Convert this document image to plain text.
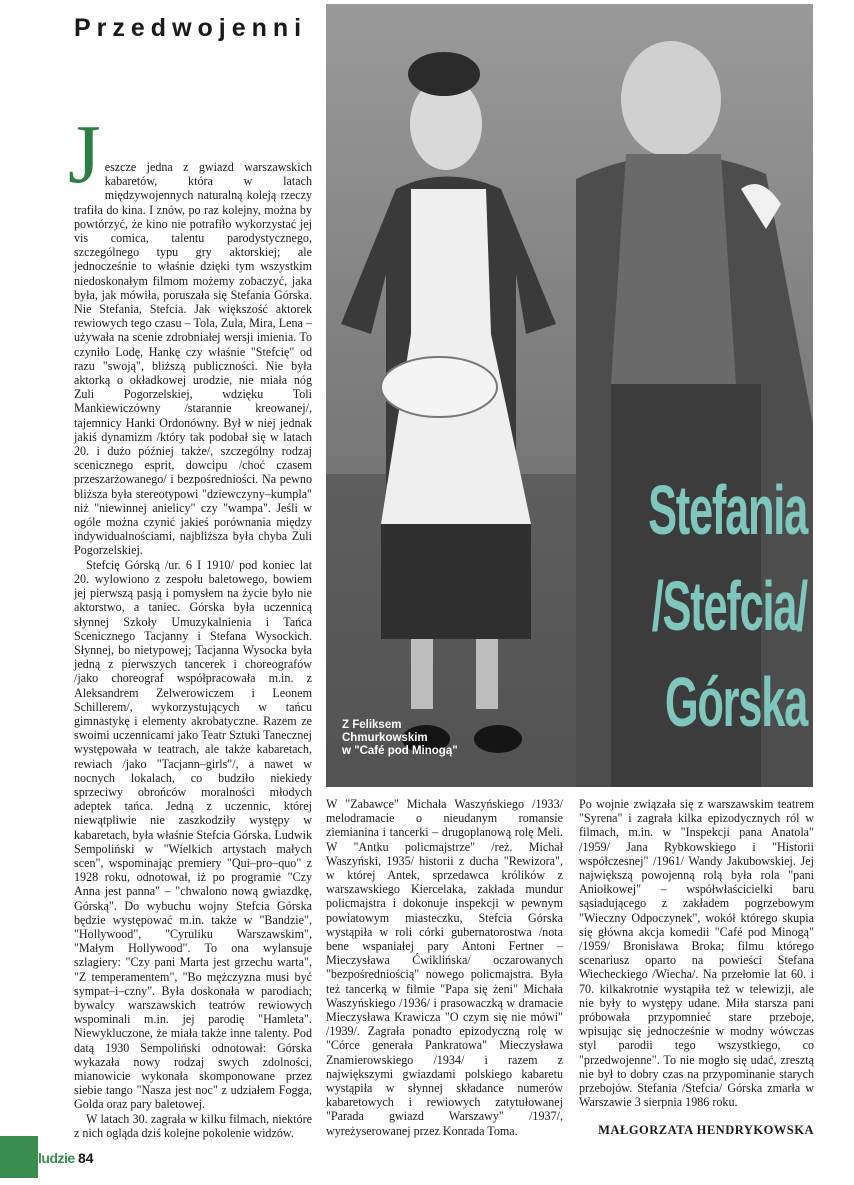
Przedwojenni
J eszcze jedna z gwiazd warszawskich kabaretów, która w latach międzywojennych naturalną koleją rzeczy trafiła do kina. I znów, po raz kolejny, można by powtórzyć, że kino nie potrafiło wykorzystać jej vis comica, talentu parodystycznego, szczególnego typu gry aktorskiej; ale jednocześnie to właśnie dzięki tym wszystkim niedoskonałym filmom możemy zobaczyć, jaka była, jak mówiła, poruszała się Stefania Górska. Nie Stefania, Stefcia. Jak większość aktorek rewiowych tego czasu – Tola, Zula, Mira, Lena – używała na scenie zdrobniałej wersji imienia. To czyniło Lodę, Hankę czy właśnie "Stefcię" od razu "swoją", bliższą publiczności. Nie była aktorką o okładkowej urodzie, nie miała nóg Zuli Pogorzelskiej, wdzięku Toli Mankiewiczówny /starannie kreowanej/, tajemnicy Hanki Ordonówny. Był w niej jednak jakiś dynamizm /który tak podobał się w latach 20. i dużo później także/, szczególny rodzaj scenicznego esprit, dowcipu /choć czasem przeszarżowanego/ i bezpośredniości. Na pewno bliższa była stereotypowi "dziewczyny–kumpla" niż "niewinnej anielicy" czy "wampa". Jeśli w ogóle można czynić jakieś porównania między indywidualnościami, najbliższa była chyba Zuli Pogorzelskiej.

Stefcię Górską /ur. 6 I 1910/ pod koniec lat 20. wylowiono z zespołu baletowego, bowiem jej pierwszą pasją i pomysłem na życie było nie aktorstwo, a taniec. Górska była uczennicą słynnej Szkoły Umuzykalnienia i Tańca Scenicznego Tacjanny i Stefana Wysockich. Słynnej, bo nietypowej; Tacjanna Wysocka była jedną z pierwszych tancerek i choreografów /jako choreograf współpracowała m.in. z Aleksandrem Zelwerowiczem i Leonem Schillerem/, wykorzystujących w tańcu gimnastykę i elementy akrobatyczne. Razem ze swoimi uczennicami jako Teatr Sztuki Tanecznej występowała w teatrach, ale także kabaretach, rewiach /jako "Tacjann–girls"/, a nawet w nocnych lokalach, co budziło niekiedy sprzeciwy obrońców moralności młodych adeptek tańca. Jedną z uczennic, której niewątpliwie nie zaszkodziły występy w kabaretach, była właśnie Stefcia Górska. Ludwik Sempoliński w "Wielkich artystach małych scen", wspominając premiery "Qui–pro–quo" z 1928 roku, odnotował, iż po programie "Czy Anna jest panna" – "chwalono nową gwiazdkę, Górską". Do wybuchu wojny Stefcia Górska będzie występować m.in. także w "Bandzie", "Hollywood", "Cyruliku Warszawskim", "Małym Hollywood". To ona wylansuje szlagiery: "Czy pani Marta jest grzechu warta", "Z temperamentem", "Bo mężczyzna musi być sympat–i–czny". Była doskonała w parodiach; bywalcy warszawskich teatrów rewiowych wspominali m.in. jej parodię "Hamleta". Niewykluczone, że miała także inne talenty. Pod datą 1930 Sempoliński odnotował: Górska wykazała nowy rodzaj swych zdolności, mianowicie wykonała skomponowane przez siebie tango "Nasza jest noc" z udziałem Fogga, Golda oraz pary baletowej.

W latach 30. zagrała w kilku filmach, niektóre z nich ogląda dziś kolejne pokolenie widzów.

Stefania
/Stefcia/
Górska
Z Feliksem
Chmurkowskim
w "Café pod Minogą"

W "Zabawce" Michała Waszyńskiego /1933/ melodramacie o nieudanym romansie ziemianina i tancerki – drugoplanową rolę Meli. W "Antku policmajstrze" /reż. Michał Waszyński, 1935/ historii z ducha "Rewizora", w której Antek, sprzedawca królików z warszawskiego Kiercelaka, zakłada mundur policmajstra i dokonuje inspekcji w pewnym powiatowym miasteczku, Stefcia Górska wystąpiła w roli córki gubernatorostwa /nota bene wspaniałej pary Antoni Fertner – Mieczysława Ćwiklińska/ oczarowanych "bezpośredniością" nowego policmajstra. Była też tancerką w filmie "Papa się żeni" Michała Waszyńskiego /1936/ i prasowaczką w dramacie Mieczysława Krawicza "O czym się nie mówi" /1939/. Zagrała ponadto epizodyczną rolę w "Córce generała Pankratowa" Mieczysława Znamierowskiego /1934/ i razem z największymi gwiazdami polskiego kabaretu wystąpiła w słynnej składance numerów kabaretowych i rewiowych zatytułowanej "Parada gwiazd Warszawy" /1937/, wyreżyserowanej przez Konrada Toma.

Po wojnie związała się z warszawskim teatrem "Syrena" i zagrała kilka epizodycznych ról w filmach, m.in. w "Inspekcji pana Anatola" /1959/ Jana Rybkowskiego i "Historii współczesnej" /1961/ Wandy Jakubowskiej. Jej największą powojenną rolą była rola "pani Aniołkowej" – współwłaścicielki baru sąsiadującego z zakładem pogrzebowym "Wieczny Odpoczynek", wokół którego skupia się główna akcja komedii "Café pod Minogą" /1959/ Bronisława Broka; filmu którego scenariusz oparto na powieści Stefana Wiecheckiego /Wiecha/. Na przełomie lat 60. i 70. kilkakrotnie wystąpiła też w telewizji, ale nie były to występy udane. Miła starsza pani próbowała przypomnieć stare przeboje, wpisując się jednocześnie w modny wówczas styl parodii tego wszystkiego, co "przedwojenne". To nie mogło się udać, zresztą nie był to dobry czas na przypominanie starych przebojów. Stefania /Stefcia/ Górska zmarła w Warszawie 3 sierpnia 1986 roku.

MAŁGORZATA HENDRYKOWSKA
ludzie 84
